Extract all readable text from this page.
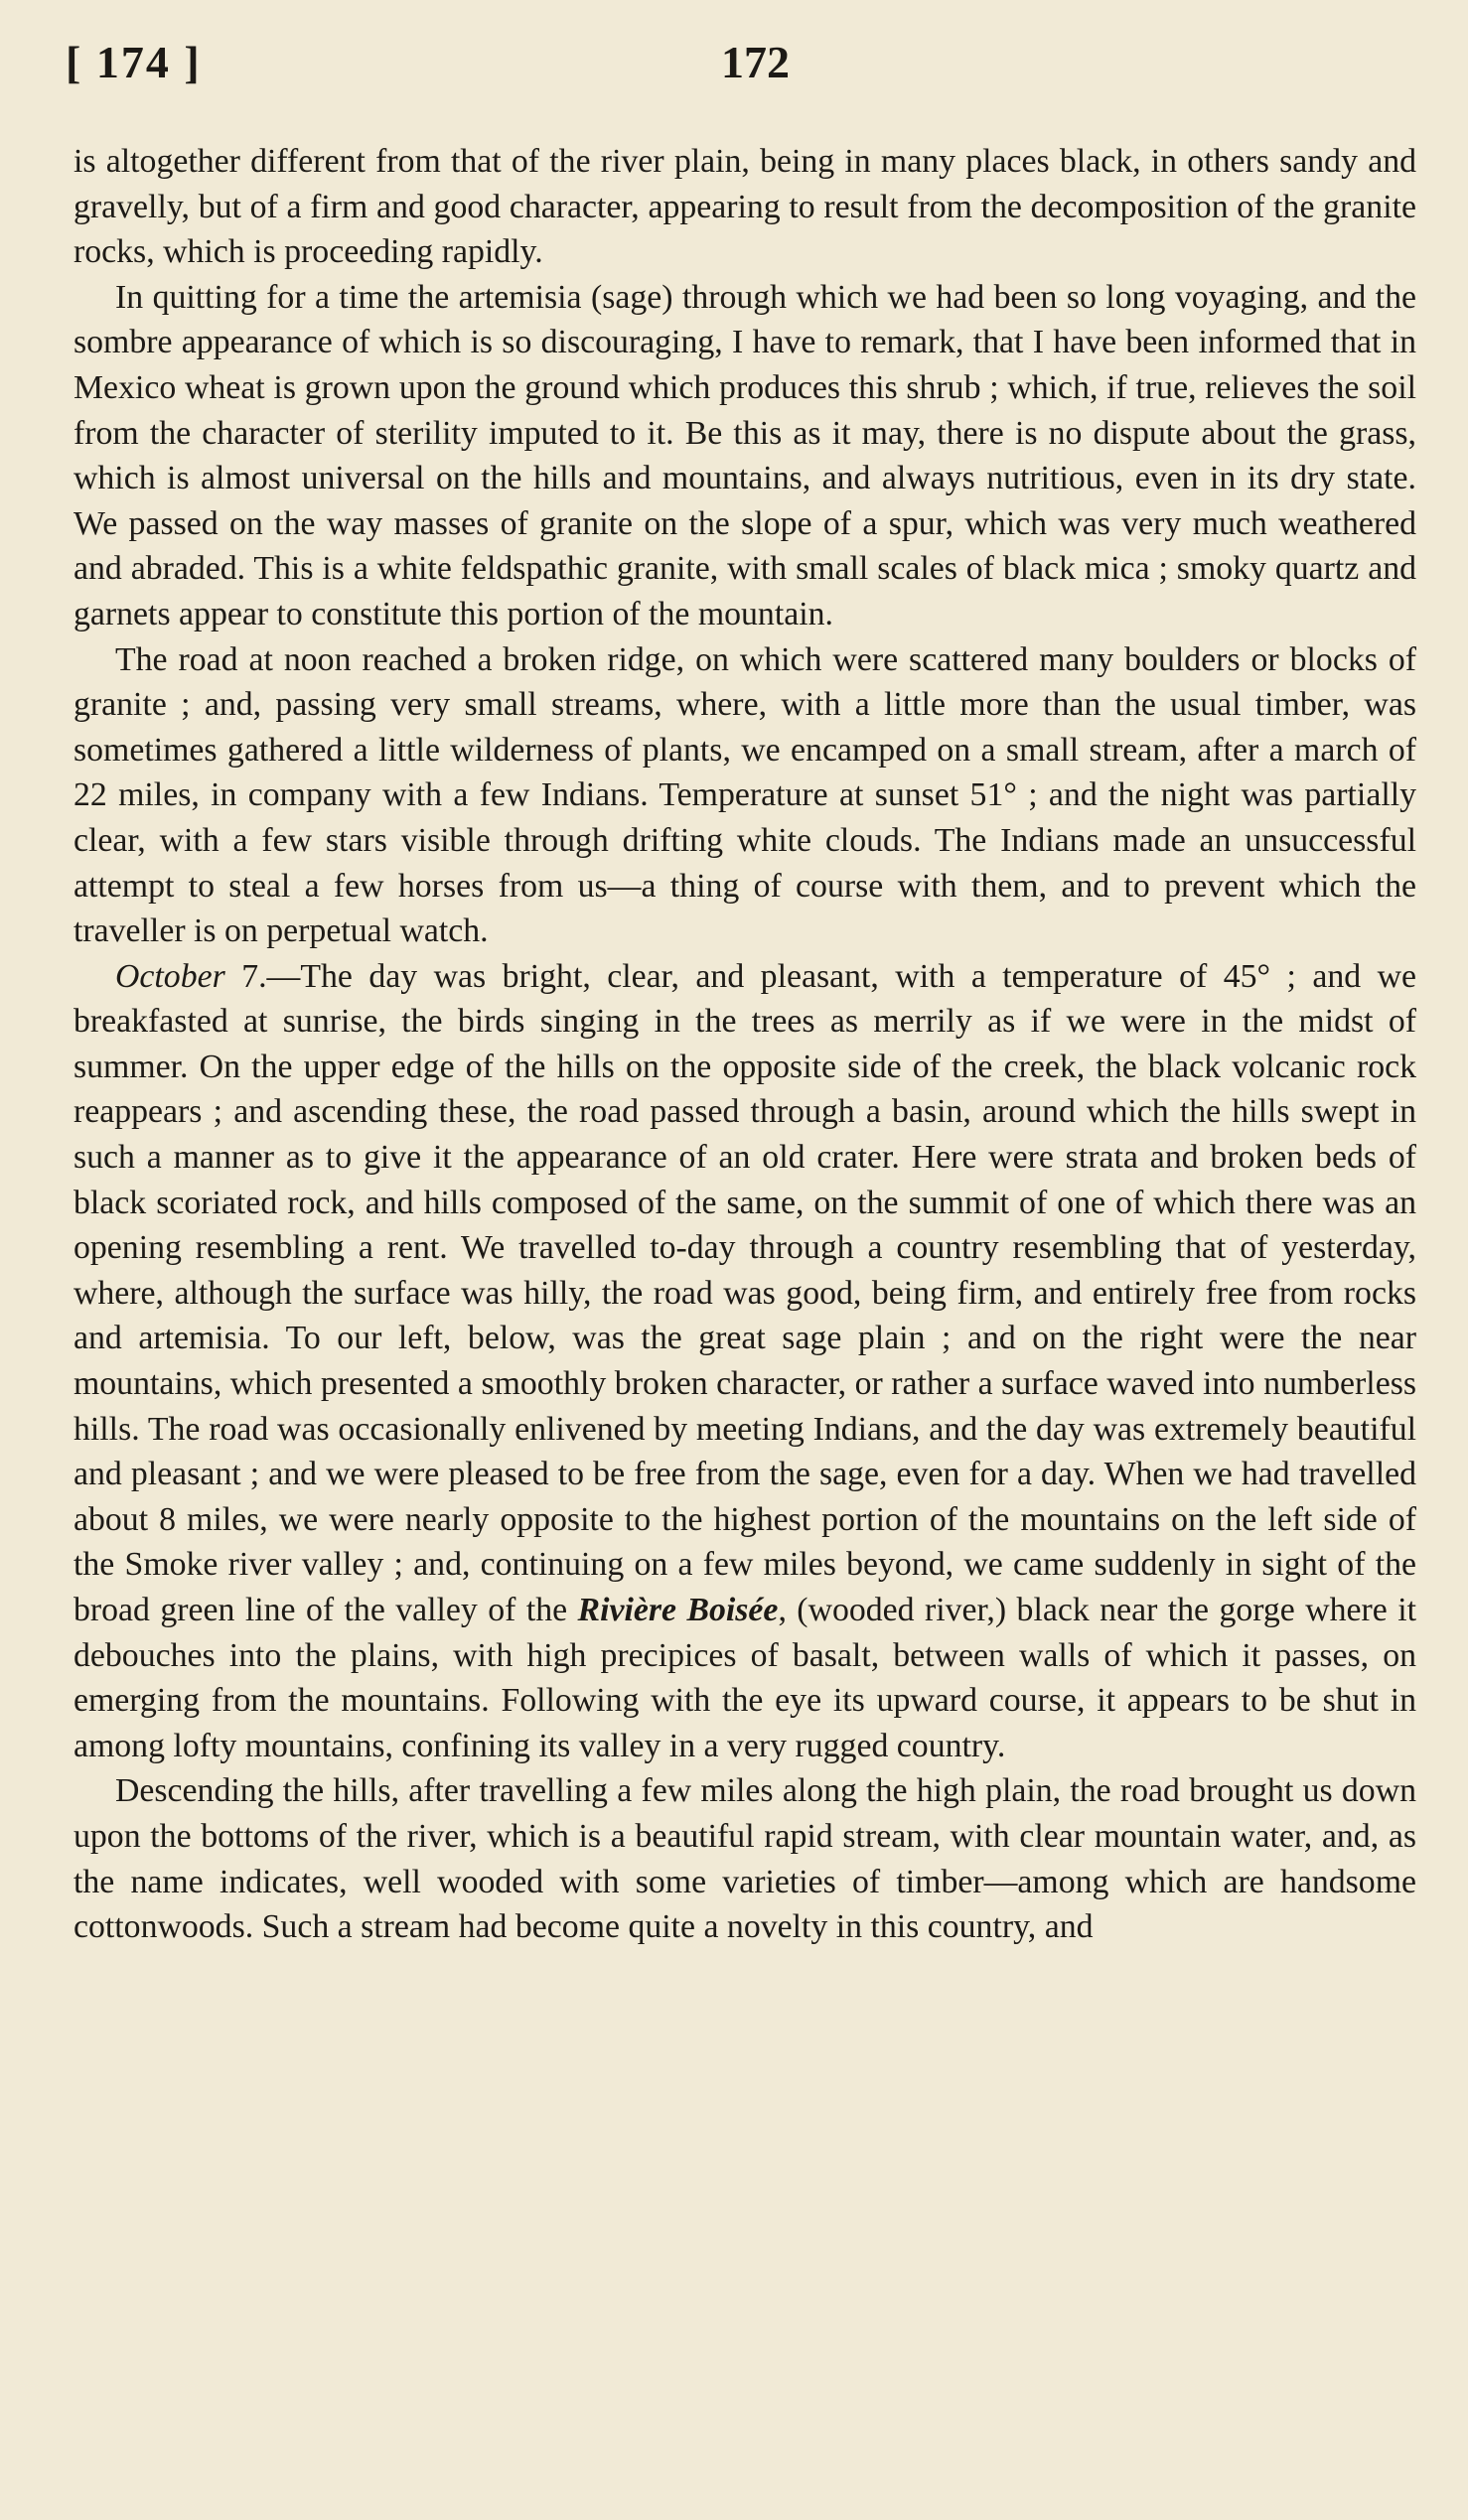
[ 174 ]	172

is altogether different from that of the river plain, being in many places black, in others sandy and gravelly, but of a firm and good character, appearing to result from the decomposition of the granite rocks, which is proceeding rapidly.

In quitting for a time the artemisia (sage) through which we had been so long voyaging, and the sombre appearance of which is so discouraging, I have to remark, that I have been informed that in Mexico wheat is grown upon the ground which produces this shrub ; which, if true, relieves the soil from the character of sterility imputed to it. Be this as it may, there is no dispute about the grass, which is almost universal on the hills and mountains, and always nutritious, even in its dry state. We passed on the way masses of granite on the slope of a spur, which was very much weathered and abraded. This is a white feldspathic granite, with small scales of black mica ; smoky quartz and garnets appear to constitute this portion of the mountain.

The road at noon reached a broken ridge, on which were scattered many boulders or blocks of granite ; and, passing very small streams, where, with a little more than the usual timber, was sometimes gathered a little wilderness of plants, we encamped on a small stream, after a march of 22 miles, in company with a few Indians. Temperature at sunset 51° ; and the night was partially clear, with a few stars visible through drifting white clouds. The Indians made an unsuccessful attempt to steal a few horses from us—a thing of course with them, and to prevent which the traveller is on perpetual watch.

October 7.—The day was bright, clear, and pleasant, with a temperature of 45° ; and we breakfasted at sunrise, the birds singing in the trees as merrily as if we were in the midst of summer. On the upper edge of the hills on the opposite side of the creek, the black volcanic rock reappears ; and ascending these, the road passed through a basin, around which the hills swept in such a manner as to give it the appearance of an old crater. Here were strata and broken beds of black scoriated rock, and hills composed of the same, on the summit of one of which there was an opening resembling a rent. We travelled to-day through a country resembling that of yesterday, where, although the surface was hilly, the road was good, being firm, and entirely free from rocks and artemisia. To our left, below, was the great sage plain ; and on the right were the near mountains, which presented a smoothly broken character, or rather a surface waved into numberless hills. The road was occasionally enlivened by meeting Indians, and the day was extremely beautiful and pleasant ; and we were pleased to be free from the sage, even for a day. When we had travelled about 8 miles, we were nearly opposite to the highest portion of the mountains on the left side of the Smoke river valley ; and, continuing on a few miles beyond, we came suddenly in sight of the broad green line of the valley of the Rivière Boisée, (wooded river,) black near the gorge where it debouches into the plains, with high precipices of basalt, between walls of which it passes, on emerging from the mountains. Following with the eye its upward course, it appears to be shut in among lofty mountains, confining its valley in a very rugged country.

Descending the hills, after travelling a few miles along the high plain, the road brought us down upon the bottoms of the river, which is a beautiful rapid stream, with clear mountain water, and, as the name indicates, well wooded with some varieties of timber—among which are handsome cottonwoods. Such a stream had become quite a novelty in this country, and
